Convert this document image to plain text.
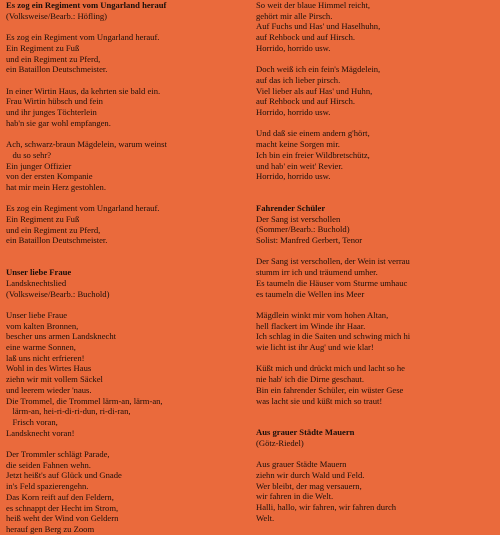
Es zog ein Regiment vom Ungarland herauf
(Volksweise/Bearb.: Höfling)
Es zog ein Regiment vom Ungarland herauf.
Ein Regiment zu Fuß
und ein Regiment zu Pferd,
ein Bataillon Deutschmeister.
In einer Wirtin Haus, da kehrten sie bald ein.
Frau Wirtin hübsch und fein
und ihr junges Töchterlein
hab'n sie gar wohl empfangen.
Ach, schwarz-braun Mägdelein, warum weinst
du so sehr?
Ein junger Offizier
von der ersten Kompanie
hat mir mein Herz gestohlen.
Es zog ein Regiment vom Ungarland herauf.
Ein Regiment zu Fuß
und ein Regiment zu Pferd,
ein Bataillon Deutschmeister.
Unser liebe Fraue
Landsknechtslied
(Volksweise/Bearb.: Buchold)
Unser liebe Fraue
vom kalten Bronnen,
bescher uns armen Landsknecht
eine warme Sonnen,
laß uns nicht erfrieren!
Wohl in des Wirtes Haus
ziehn wir mit vollem Säckel
und leerem wieder 'naus.
Die Trommel, die Trommel lärm-an, lärm-an,
lärm-an, hei-ri-di-ri-dun, ri-di-ran,
Frisch voran,
Landsknecht voran!
Der Trommler schlägt Parade,
die seiden Fahnen wehn.
Jetzt heißt's auf Glück und Gnade
in's Feld spazierengehn.
Das Korn reift auf den Feldern,
es schnappt der Hecht im Strom,
heiß weht der Wind von Geldern
herauf gen Berg zu Zoom
So weit der blaue Himmel reicht,
gehört mir alle Pirsch.
Auf Fuchs und Has' und Haselhuhn,
auf Rehbock und auf Hirsch.
Horrido, horrido usw.
Doch weiß ich ein fein's Mägdelein,
auf das ich lieber pirsch.
Viel lieber als auf Has' und Huhn,
auf Rehbock und auf Hirsch.
Horrido, horrido usw.
Und daß sie einem andern g'hört,
macht keine Sorgen mir.
Ich bin ein freier Wildbretschütz,
und hab' ein weit' Revier.
Horrido, horrido usw.
Fahrender Schüler
Der Sang ist verschollen
(Sommer/Bearb.: Buchold)
Solist: Manfred Gerbert, Tenor
Der Sang ist verschollen, der Wein ist verrau
stumm irr ich und träumend umher.
Es taumeln die Häuser vom Sturme umhauc
es taumeln die Wellen ins Meer
Mägdlein winkt mir vom hohen Altan,
hell flackert im Winde ihr Haar.
Ich schlag in die Saiten und schwing mich hi
wie licht ist ihr Aug' und wie klar!
Küßt mich und drückt mich und lacht so he
nie hab' ich die Dirne geschaut.
Bin ein fahrender Schüler, ein wüster Gese
was lacht sie und küßt mich so traut!
Aus grauer Städte Mauern
(Götz-Riedel)
Aus grauer Städte Mauern
ziehn wir durch Wald und Feld.
Wer bleibt, der mag versauern,
wir fahren in die Welt.
Halli, hallo, wir fahren, wir fahren durch
Welt.
